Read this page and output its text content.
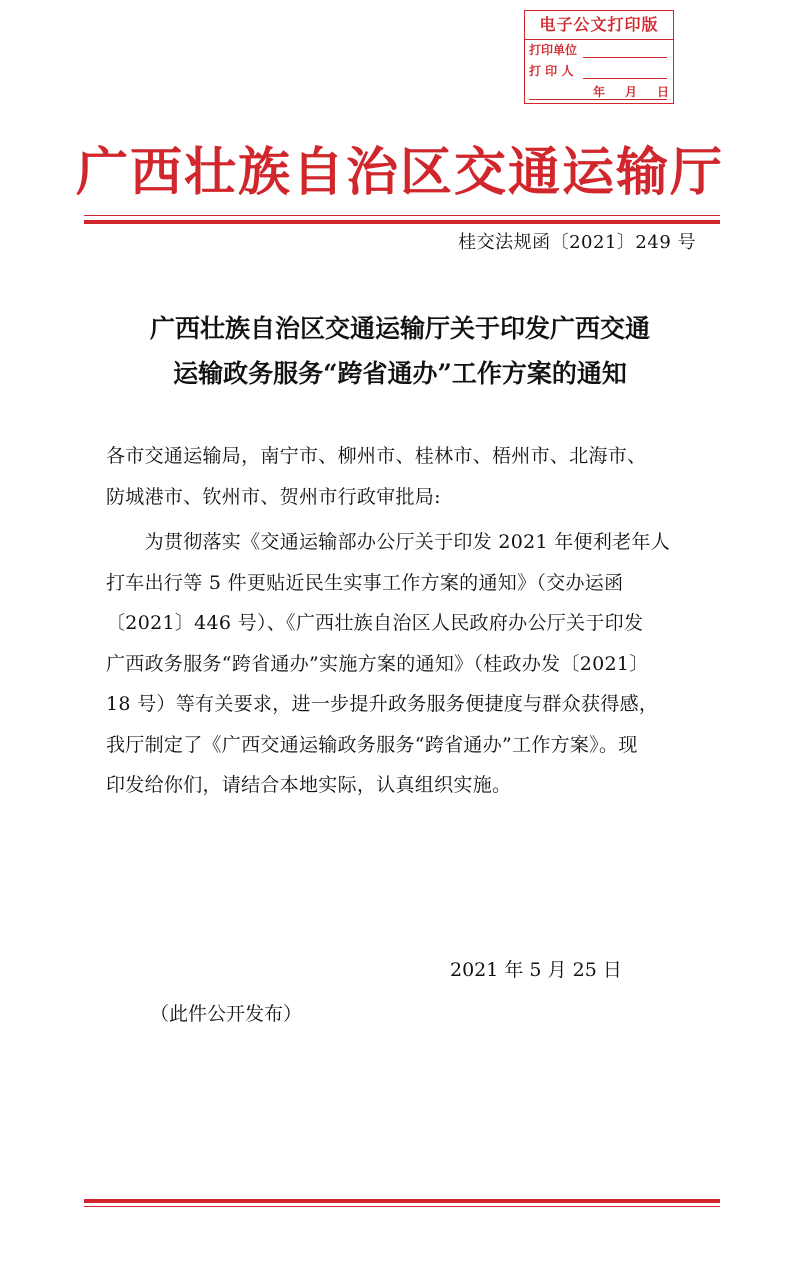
电子公文打印版
打印单位
打 印 人
年 月 日
广西壮族自治区交通运输厅
桂交法规函〔2021〕249 号
广西壮族自治区交通运输厅关于印发广西交通
运输政务服务“跨省通办”工作方案的通知
各市交通运输局，南宁市、柳州市、桂林市、梧州市、北海市、
防城港市、钦州市、贺州市行政审批局:
　　为贯彻落实《交通运输部办公厅关于印发 2021 年便利老年人
打车出行等 5 件更贴近民生实事工作方案的通知》（交办运函
〔2021〕446 号）、《广西壮族自治区人民政府办公厅关于印发
广西政务服务“跨省通办”实施方案的通知》（桂政办发〔2021〕
18 号）等有关要求，进一步提升政务服务便捷度与群众获得感，
我厅制定了《广西交通运输政务服务“跨省通办”工作方案》。现
印发给你们，请结合本地实际，认真组织实施。
2021 年 5 月 25 日
（此件公开发布）
